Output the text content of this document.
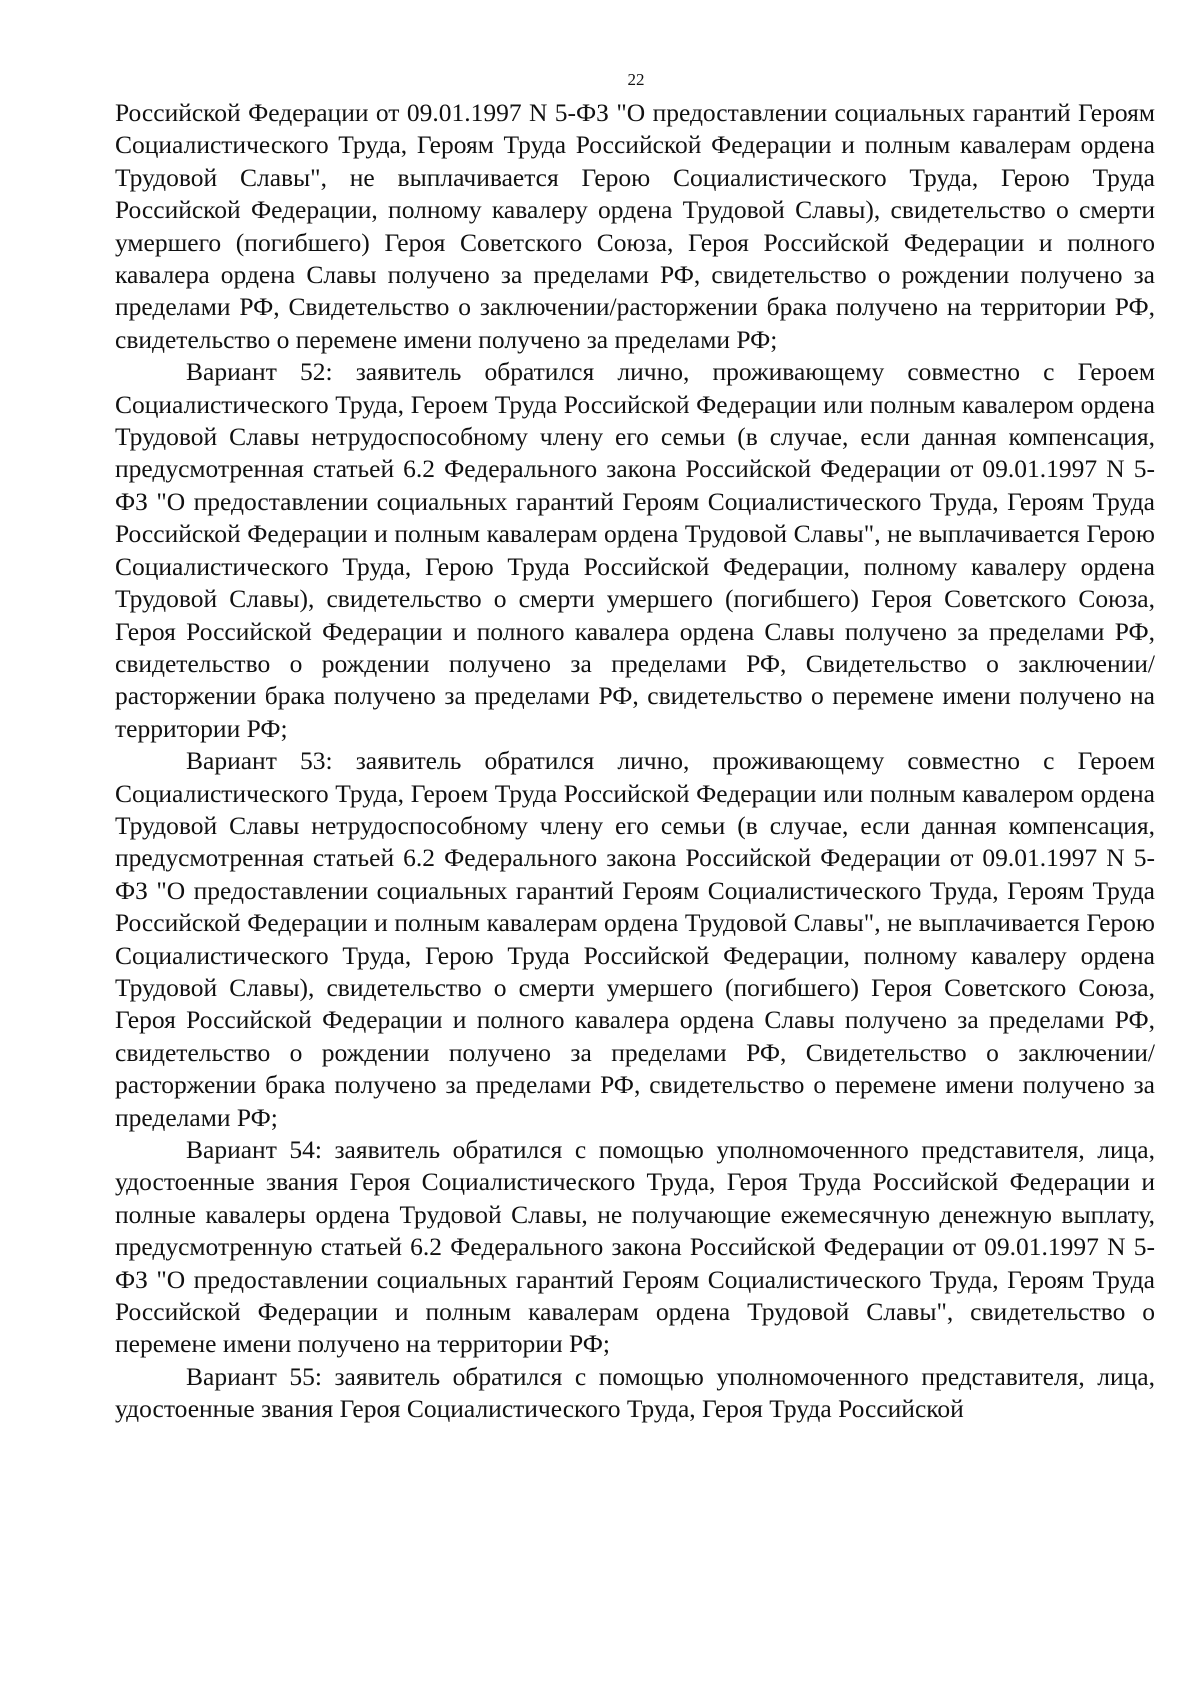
22

Российской Федерации от 09.01.1997 N 5-ФЗ "О предоставлении социальных гарантий Героям Социалистического Труда, Героям Труда Российской Федерации и полным кавалерам ордена Трудовой Славы", не выплачивается Герою Социалистического Труда, Герою Труда Российской Федерации, полному кавалеру ордена Трудовой Славы), свидетельство о смерти умершего (погибшего) Героя Советского Союза, Героя Российской Федерации и полного кавалера ордена Славы получено за пределами РФ, свидетельство о рождении получено за пределами РФ, Свидетельство о заключении/расторжении брака получено на территории РФ, свидетельство о перемене имени получено за пределами РФ;

Вариант 52: заявитель обратился лично, проживающему совместно с Героем Социалистического Труда, Героем Труда Российской Федерации или полным кавалером ордена Трудовой Славы нетрудоспособному члену его семьи (в случае, если данная компенсация, предусмотренная статьей 6.2 Федерального закона Российской Федерации от 09.01.1997 N 5-ФЗ "О предоставлении социальных гарантий Героям Социалистического Труда, Героям Труда Российской Федерации и полным кавалерам ордена Трудовой Славы", не выплачивается Герою Социалистического Труда, Герою Труда Российской Федерации, полному кавалеру ордена Трудовой Славы), свидетельство о смерти умершего (погибшего) Героя Советского Союза, Героя Российской Федерации и полного кавалера ордена Славы получено за пределами РФ, свидетельство о рождении получено за пределами РФ, Свидетельство о заключении/расторжении брака получено за пределами РФ, свидетельство о перемене имени получено на территории РФ;

Вариант 53: заявитель обратился лично, проживающему совместно с Героем Социалистического Труда, Героем Труда Российской Федерации или полным кавалером ордена Трудовой Славы нетрудоспособному члену его семьи (в случае, если данная компенсация, предусмотренная статьей 6.2 Федерального закона Российской Федерации от 09.01.1997 N 5-ФЗ "О предоставлении социальных гарантий Героям Социалистического Труда, Героям Труда Российской Федерации и полным кавалерам ордена Трудовой Славы", не выплачивается Герою Социалистического Труда, Герою Труда Российской Федерации, полному кавалеру ордена Трудовой Славы), свидетельство о смерти умершего (погибшего) Героя Советского Союза, Героя Российской Федерации и полного кавалера ордена Славы получено за пределами РФ, свидетельство о рождении получено за пределами РФ, Свидетельство о заключении/расторжении брака получено за пределами РФ, свидетельство о перемене имени получено за пределами РФ;

Вариант 54: заявитель обратился с помощью уполномоченного представителя, лица, удостоенные звания Героя Социалистического Труда, Героя Труда Российской Федерации и полные кавалеры ордена Трудовой Славы, не получающие ежемесячную денежную выплату, предусмотренную статьей 6.2 Федерального закона Российской Федерации от 09.01.1997 N 5-ФЗ "О предоставлении социальных гарантий Героям Социалистического Труда, Героям Труда Российской Федерации и полным кавалерам ордена Трудовой Славы", свидетельство о перемене имени получено на территории РФ;

Вариант 55: заявитель обратился с помощью уполномоченного представителя, лица, удостоенные звания Героя Социалистического Труда, Героя Труда Российской
